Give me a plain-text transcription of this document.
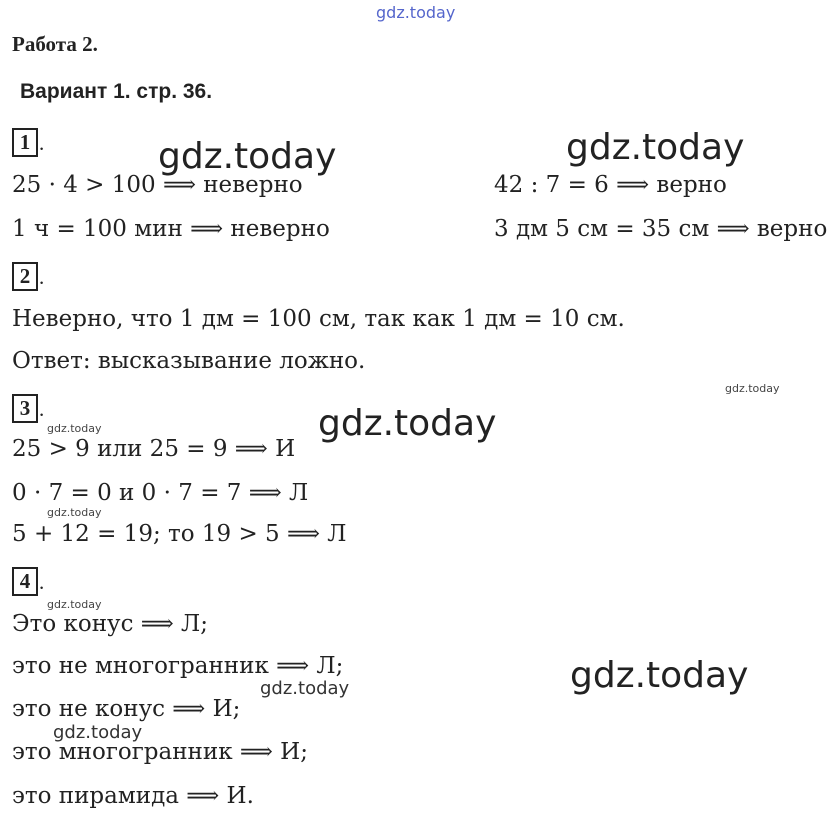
gdz.today
Работа 2.
Вариант 1. стр. 36.
1 .
25 · 4 > 100 ⟹ неверно	42 : 7 = 6 ⟹ верно
1 ч = 100 мин ⟹ неверно	3 дм 5 см = 35 см ⟹ верно
2 .
Неверно, что 1 дм = 100 см, так как 1 дм = 10 см.
Ответ: высказывание ложно.
3 .
25 > 9 или 25 = 9 ⟹ И
0 · 7 = 0 и 0 · 7 = 7 ⟹ Л
5 + 12 = 19; то 19 > 5 ⟹ Л
4 .
Это конус ⟹ Л;
это не многогранник ⟹ Л;
это не конус ⟹ И;
это многогранник ⟹ И;
это пирамида ⟹ И.
gdz.today	gdz.today
gdz.today
gdz.today
gdz.today
gdz.today
gdz.today
gdz.today
gdz.today
gdz.today
